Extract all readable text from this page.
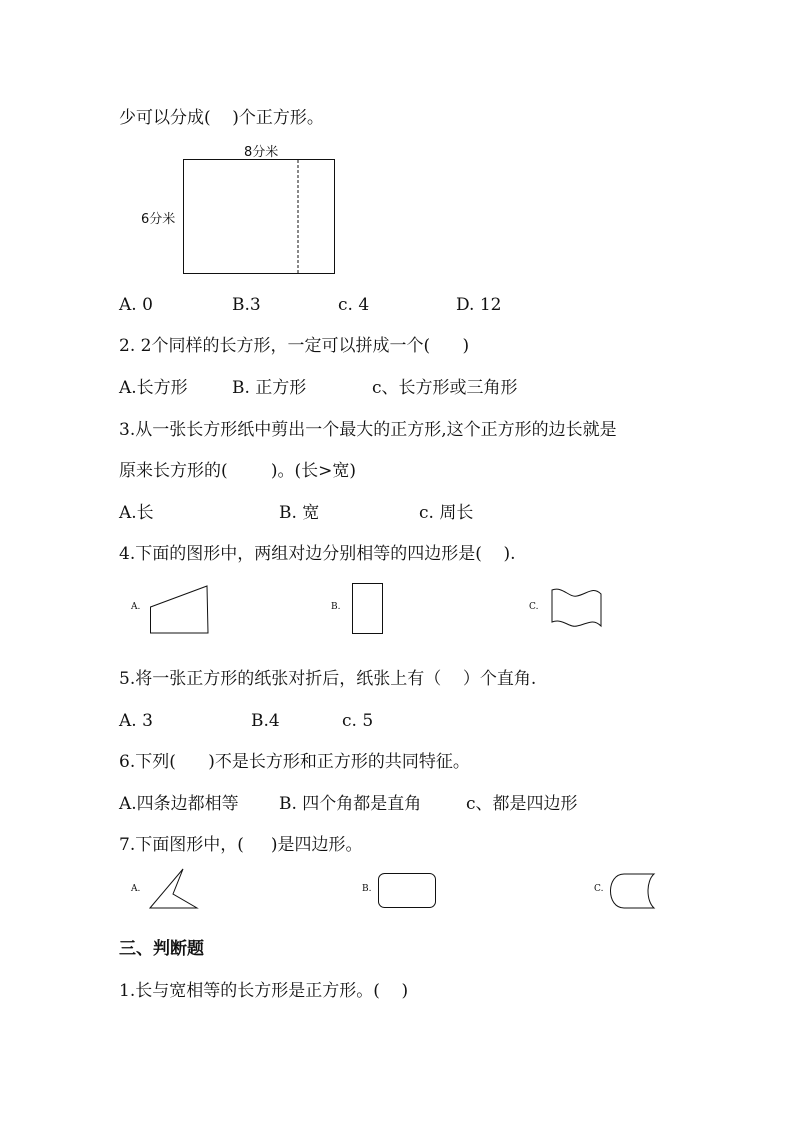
少可以分成(    )个正方形。
8分米
6分米
A. 0	B.3	c. 4	D. 12
2. 2个同样的长方形，一定可以拼成一个(      )
A.长方形	B. 正方形	c、长方形或三角形
3.从一张长方形纸中剪出一个最大的正方形,这个正方形的边长就是
原来长方形的(        )。(长>宽)
A.长	B. 宽	c. 周长
4.下面的图形中，两组对边分别相等的四边形是(    ).
A.	B.	C.
5.将一张正方形的纸张对折后，纸张上有（    ）个直角.
A. 3	B.4	c. 5
6.下列(      )不是长方形和正方形的共同特征。
A.四条边都相等 B. 四个角都是直角	c、都是四边形
7.下面图形中，(     )是四边形。
A.	B.	C.
三、判断题
1.长与宽相等的长方形是正方形。(    )
